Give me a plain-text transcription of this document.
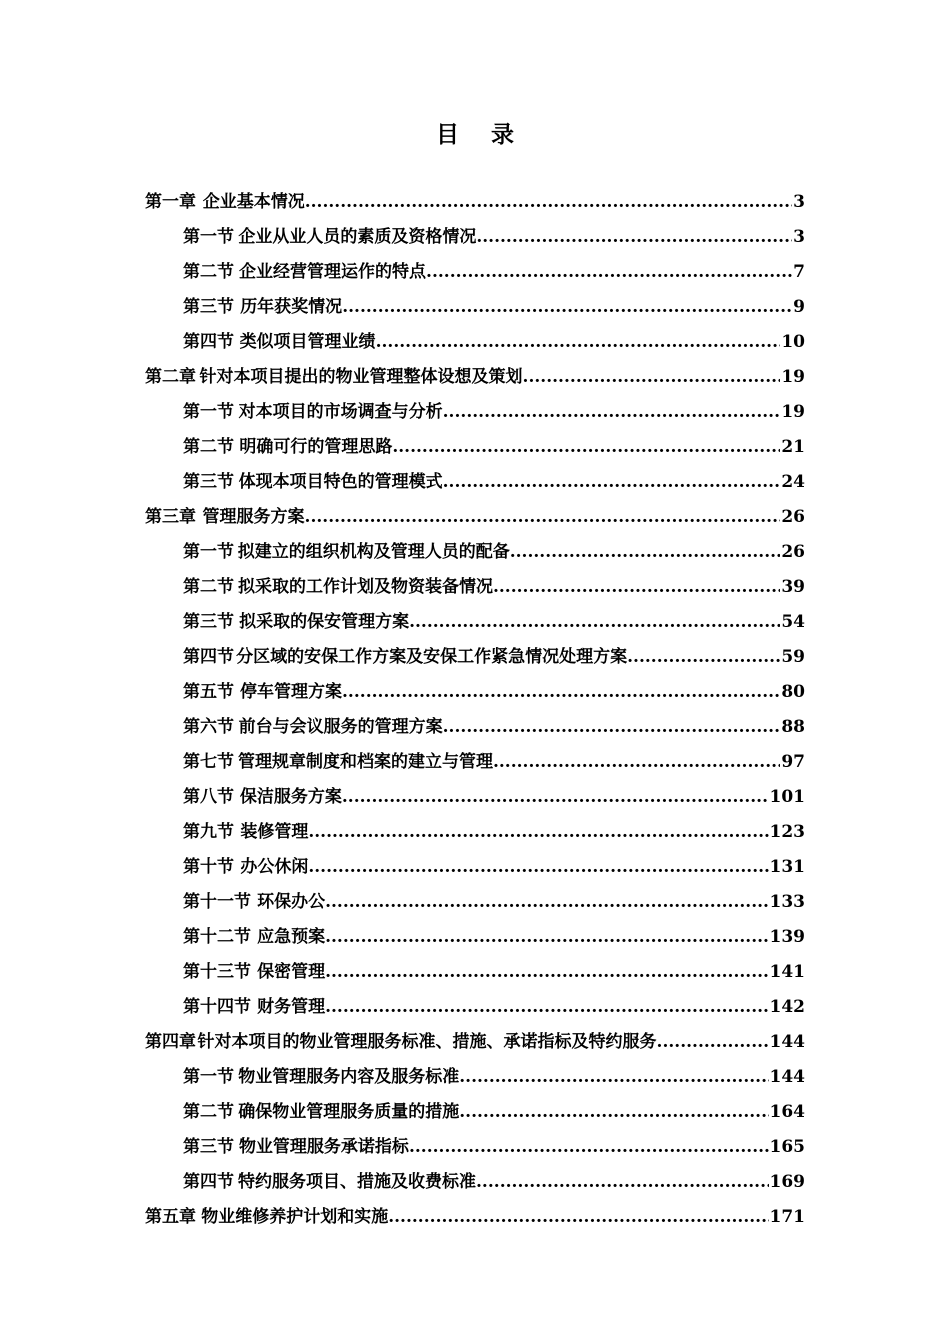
目 录
第一章 企业基本情况 .....	3
第一节 企业从业人员的素质及资格情况 .....	3
第二节 企业经营管理运作的特点 .....	7
第三节 历年获奖情况 .....	9
第四节 类似项目管理业绩 .....	10
第二章 针对本项目提出的物业管理整体设想及策划 .....	19
第一节 对本项目的市场调查与分析 .....	19
第二节 明确可行的管理思路 .....	21
第三节 体现本项目特色的管理模式 .....	24
第三章 管理服务方案 .....	26
第一节 拟建立的组织机构及管理人员的配备 .....	26
第二节 拟采取的工作计划及物资装备情况 .....	39
第三节 拟采取的保安管理方案 .....	54
第四节 分区域的安保工作方案及安保工作紧急情况处理方案 .....	59
第五节 停车管理方案 .....	80
第六节 前台与会议服务的管理方案 .....	88
第七节 管理规章制度和档案的建立与管理 .....	97
第八节 保洁服务方案 .....	101
第九节 装修管理 .....	123
第十节 办公休闲 .....	131
第十一节 环保办公 .....	133
第十二节 应急预案 .....	139
第十三节 保密管理 .....	141
第十四节 财务管理 .....	142
第四章 针对本项目的物业管理服务标准、措施、承诺指标及特约服务 .....	144
第一节 物业管理服务内容及服务标准 .....	144
第二节 确保物业管理服务质量的措施 .....	164
第三节 物业管理服务承诺指标 .....	165
第四节 特约服务项目、措施及收费标准 .....	169
第五章 物业维修养护计划和实施 .....	171
